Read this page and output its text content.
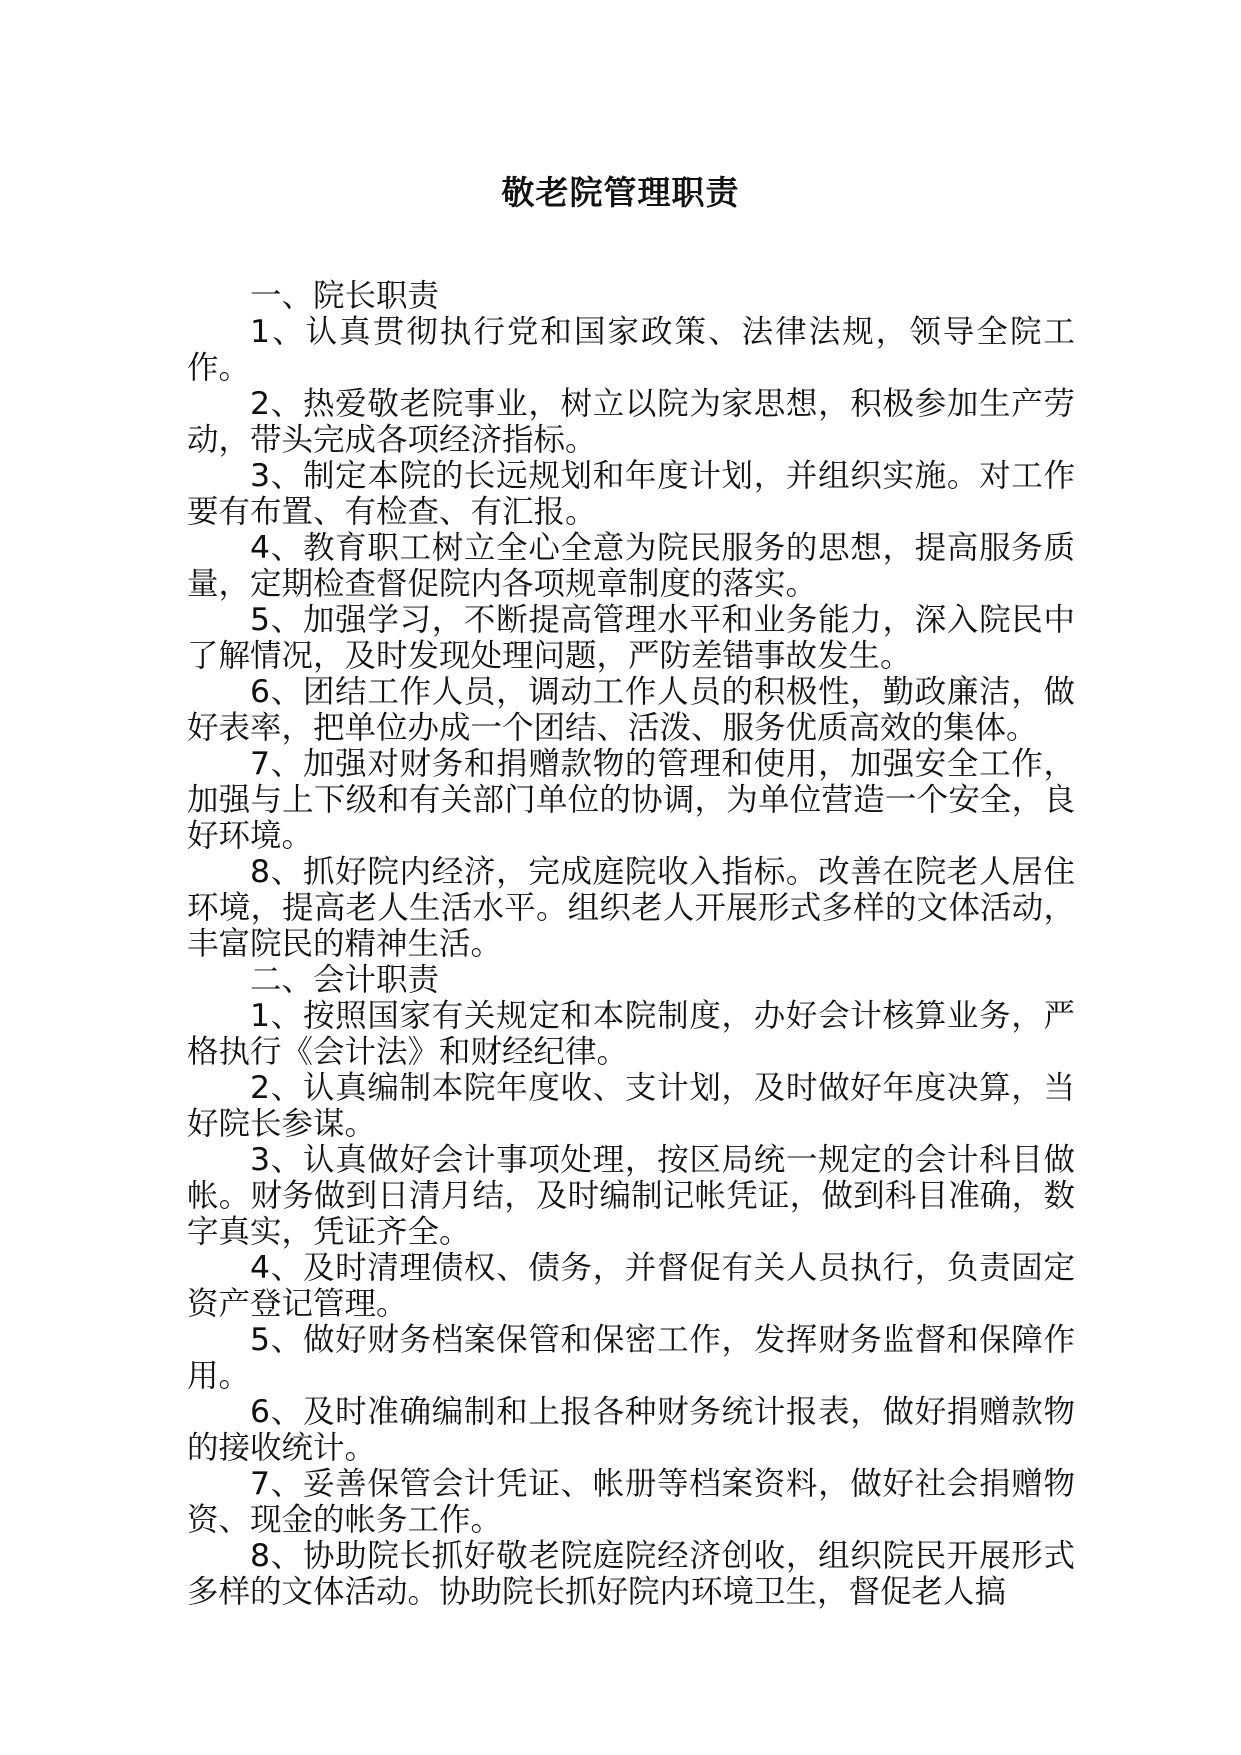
敬老院管理职责

一、院长职责

1、认真贯彻执行党和国家政策、法律法规，领导全院工作。

2、热爱敬老院事业，树立以院为家思想，积极参加生产劳动，带头完成各项经济指标。

3、制定本院的长远规划和年度计划，并组织实施。对工作要有布置、有检查、有汇报。

4、教育职工树立全心全意为院民服务的思想，提高服务质量，定期检查督促院内各项规章制度的落实。

5、加强学习，不断提高管理水平和业务能力，深入院民中了解情况，及时发现处理问题，严防差错事故发生。

6、团结工作人员，调动工作人员的积极性，勤政廉洁，做好表率，把单位办成一个团结、活泼、服务优质高效的集体。

7、加强对财务和捐赠款物的管理和使用，加强安全工作，加强与上下级和有关部门单位的协调，为单位营造一个安全，良好环境。

8、抓好院内经济，完成庭院收入指标。改善在院老人居住环境，提高老人生活水平。组织老人开展形式多样的文体活动，丰富院民的精神生活。

二、会计职责

1、按照国家有关规定和本院制度，办好会计核算业务，严格执行《会计法》和财经纪律。

2、认真编制本院年度收、支计划，及时做好年度决算，当好院长参谋。

3、认真做好会计事项处理，按区局统一规定的会计科目做帐。财务做到日清月结，及时编制记帐凭证，做到科目准确，数字真实，凭证齐全。

4、及时清理债权、债务，并督促有关人员执行，负责固定资产登记管理。

5、做好财务档案保管和保密工作，发挥财务监督和保障作用。

6、及时准确编制和上报各种财务统计报表，做好捐赠款物的接收统计。

7、妥善保管会计凭证、帐册等档案资料，做好社会捐赠物资、现金的帐务工作。

8、协助院长抓好敬老院庭院经济创收，组织院民开展形式多样的文体活动。协助院长抓好院内环境卫生，督促老人搞
